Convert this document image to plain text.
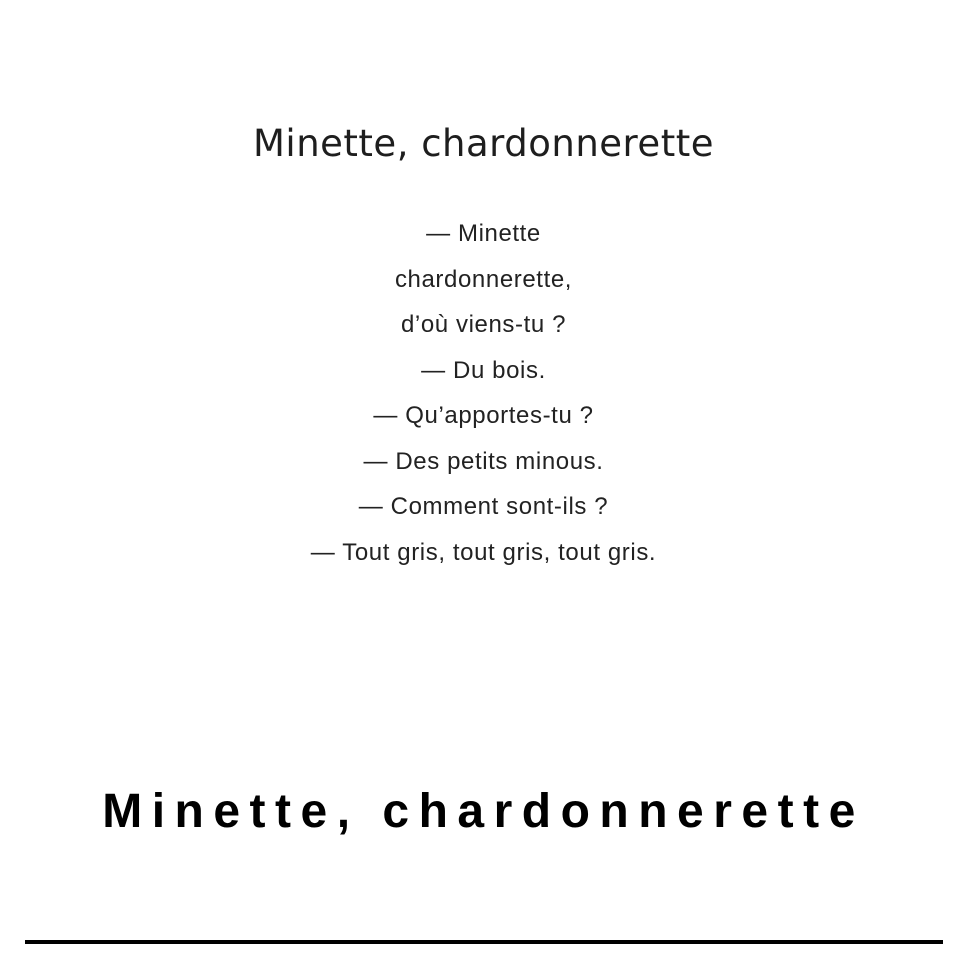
Minette, chardonnerette
— Minette
chardonnerette,
d’où viens-tu ?
— Du bois.
— Qu’apportes-tu ?
— Des petits minous.
— Comment sont-ils ?
— Tout gris, tout gris, tout gris.
Minette, chardonnerette
